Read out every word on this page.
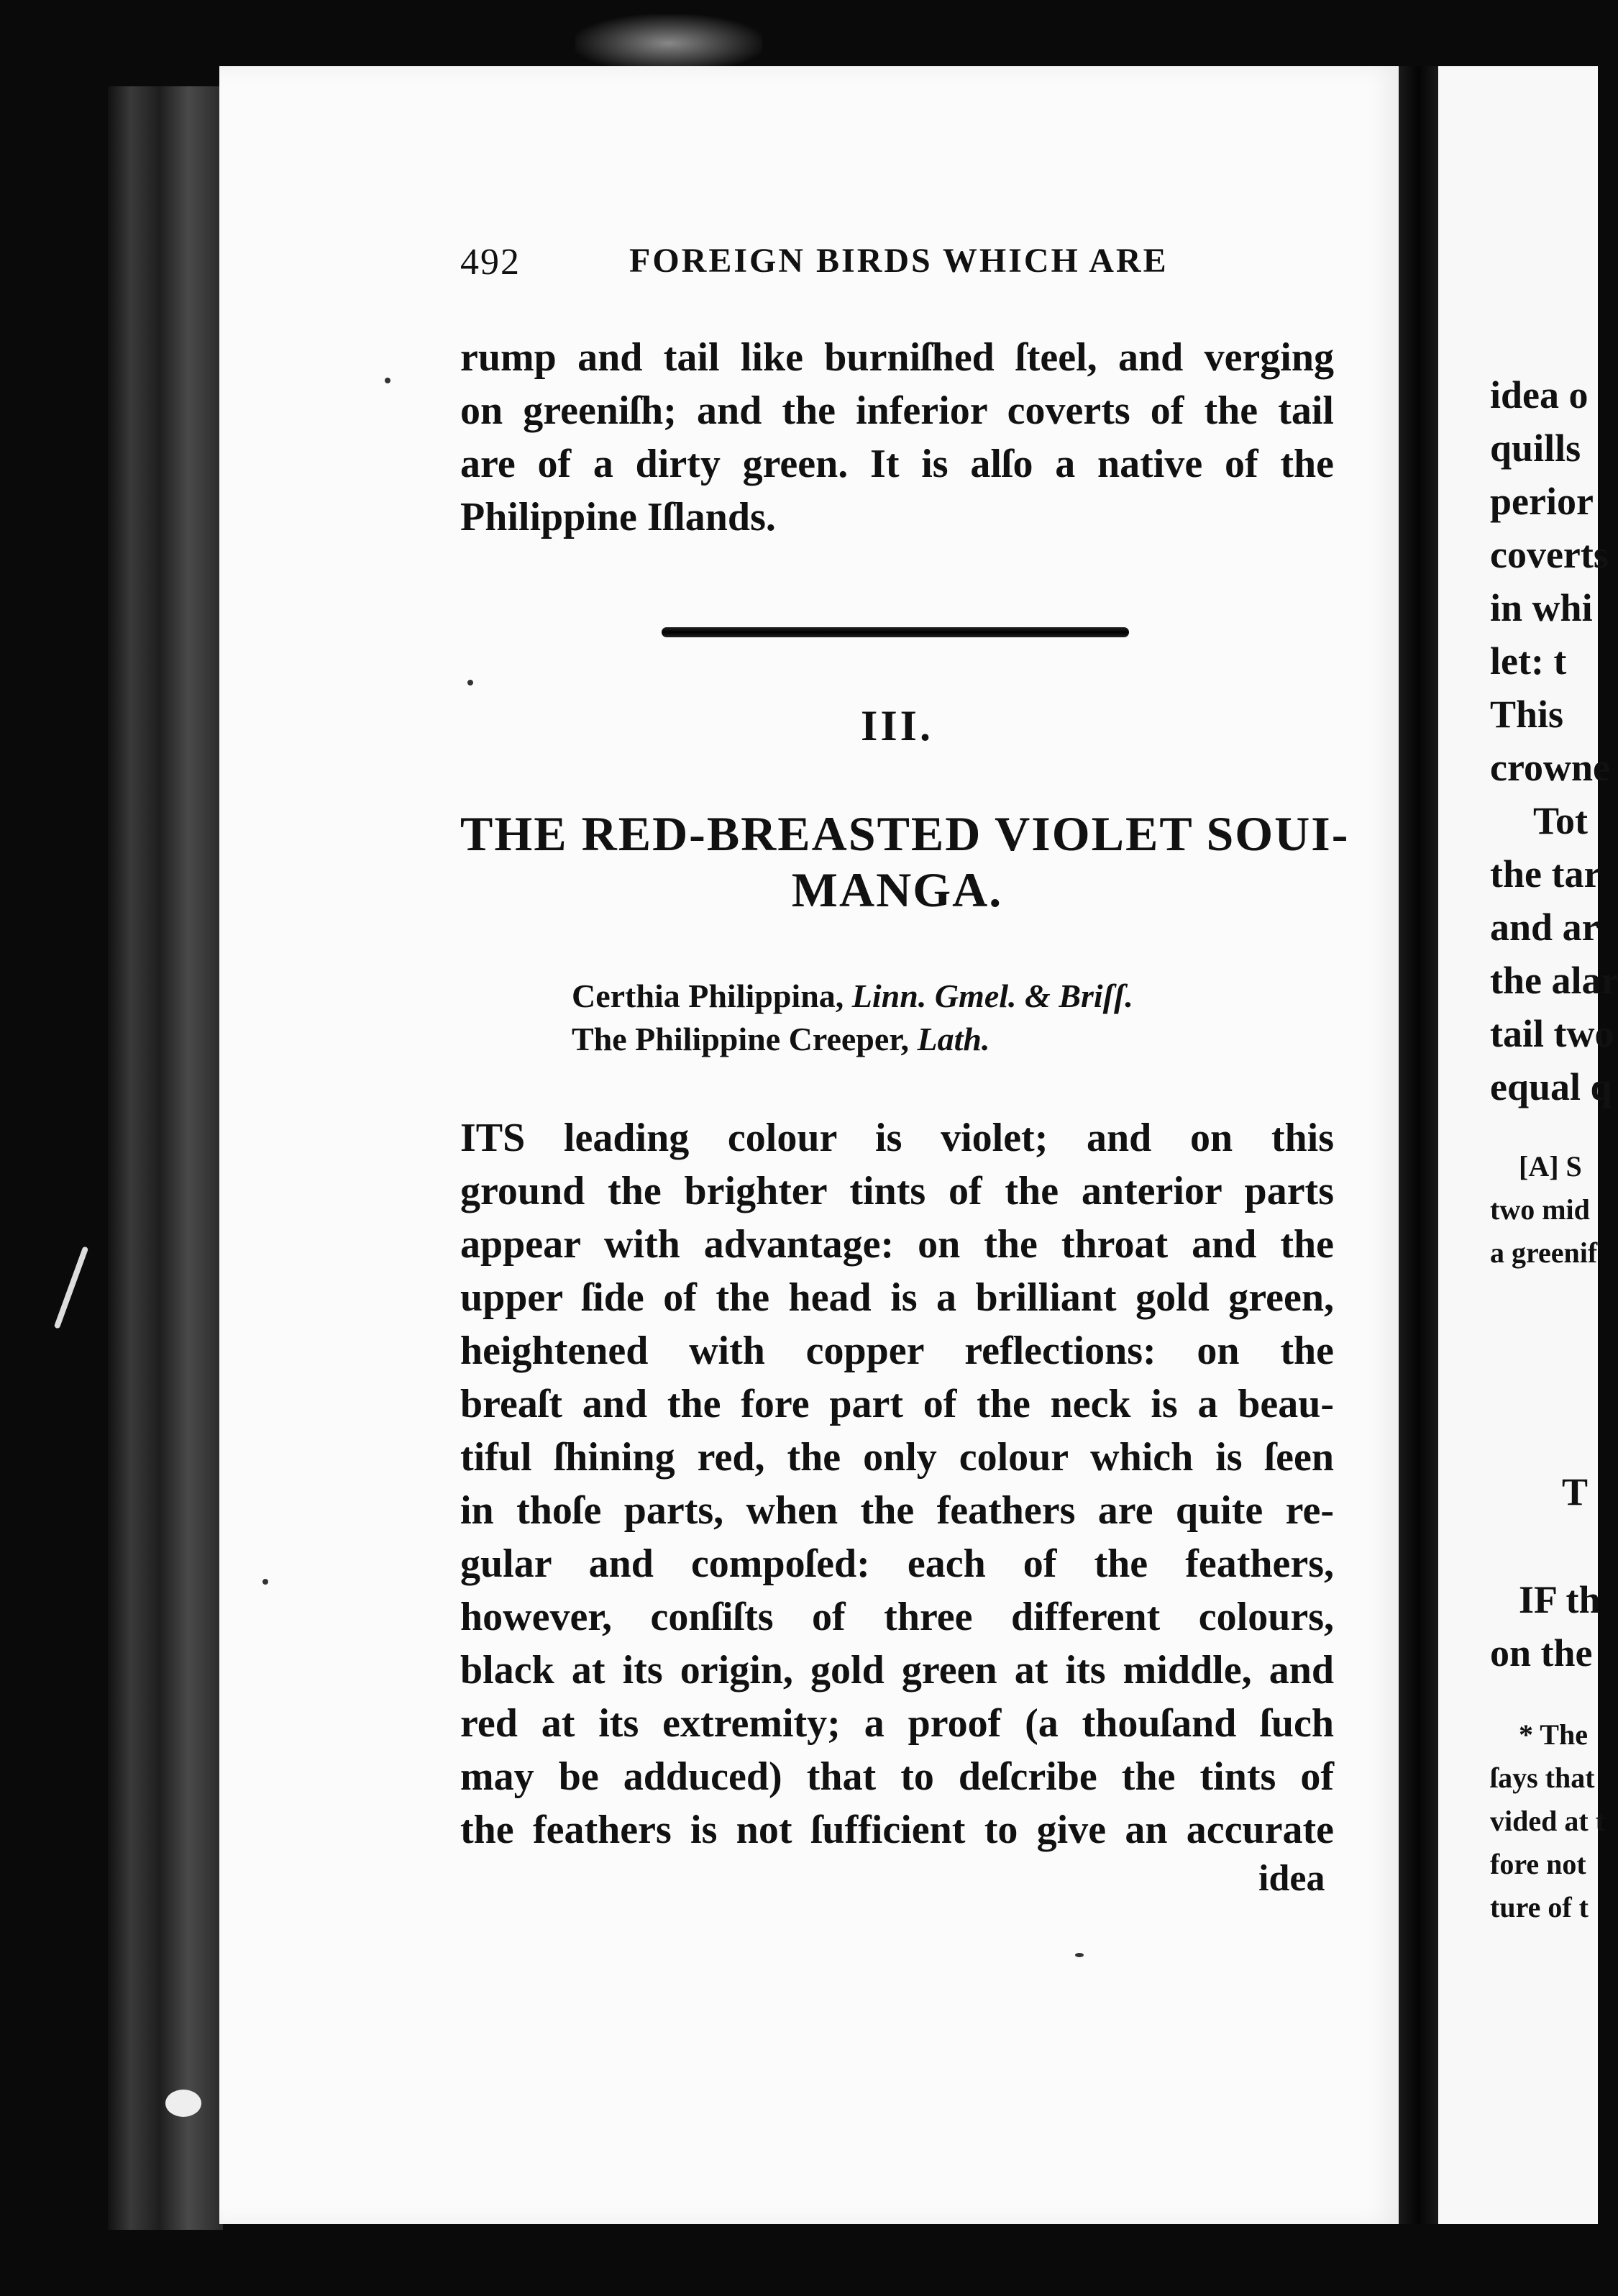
idea o
quills
perior
coverts
in whi
let: t
This
crowne
Tot
the tar
and ar
the alar
tail two
equal q
[A] S
two mid
a greenif
T
IF th
on the
* The
ſays that
vided at t
fore not
ture of t
492	FOREIGN BIRDS WHICH ARE
rump and tail like burniſhed ſteel, and verging
on greeniſh; and the inferior coverts of the tail
are of a dirty green. It is alſo a native of the
Philippine Iſlands.
III.
THE RED-BREASTED VIOLET SOUI-
MANGA.
Certhia Philippina, Linn. Gmel. & Briſſ.
The Philippine Creeper, Lath.
ITS leading colour is violet; and on this
ground the brighter tints of the anterior parts
appear with advantage: on the throat and the
upper ſide of the head is a brilliant gold green,
heightened with copper reflections: on the
breaſt and the fore part of the neck is a beau-
tiful ſhining red, the only colour which is ſeen
in thoſe parts, when the feathers are quite re-
gular and compoſed: each of the feathers,
however, conſiſts of three different colours,
black at its origin, gold green at its middle, and
red at its extremity; a proof (a thouſand ſuch
may be adduced) that to deſcribe the tints of
the feathers is not ſufficient to give an accurate
idea
